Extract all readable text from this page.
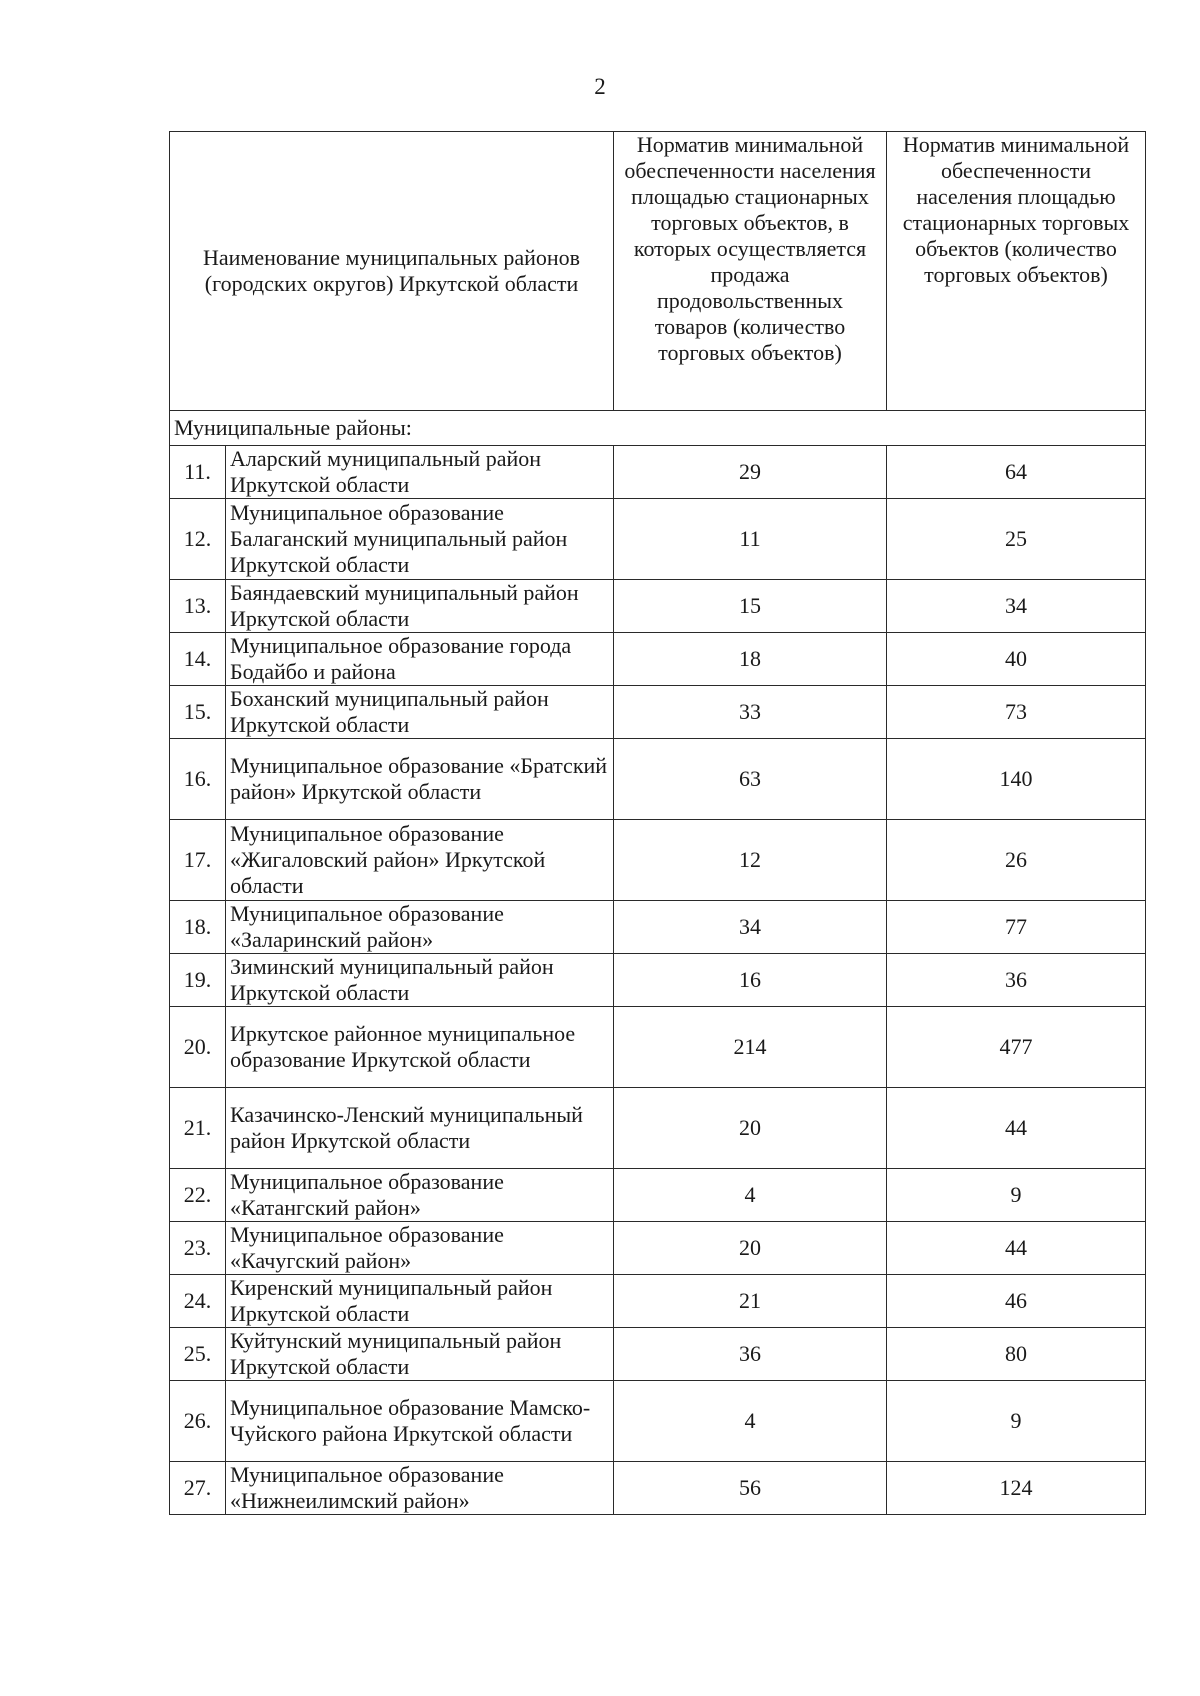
2
Наименование муниципальных районов (городских округов) Иркутской области		Норматив минимальной обеспеченности населения площадью стационарных торговых объектов, в которых осуществляется продажа продовольственных товаров (количество торговых объектов)	Норматив минимальной обеспеченности населения площадью стационарных торговых объектов (количество торговых объектов)
Муниципальные районы:			
11.	Аларский муниципальный район Иркутской области	29	64
12.	Муниципальное образование Балаганский муниципальный район Иркутской области	11	25
13.	Баяндаевский муниципальный район Иркутской области	15	34
14.	Муниципальное образование города Бодайбо и района	18	40
15.	Боханский муниципальный район Иркутской области	33	73
16.	Муниципальное образование «Братский район» Иркутской области	63	140
17.	Муниципальное образование «Жигаловский район» Иркутской области	12	26
18.	Муниципальное образование «Заларинский район»	34	77
19.	Зиминский муниципальный район Иркутской области	16	36
20.	Иркутское районное муниципальное образование Иркутской области	214	477
21.	Казачинско-Ленский муниципальный район Иркутской области	20	44
22.	Муниципальное образование «Катангский район»	4	9
23.	Муниципальное образование «Качугский район»	20	44
24.	Киренский муниципальный район Иркутской области	21	46
25.	Куйтунский муниципальный район Иркутской области	36	80
26.	Муниципальное образование Мамско-Чуйского района Иркутской области	4	9
27.	Муниципальное образование «Нижнеилимский район»	56	124
